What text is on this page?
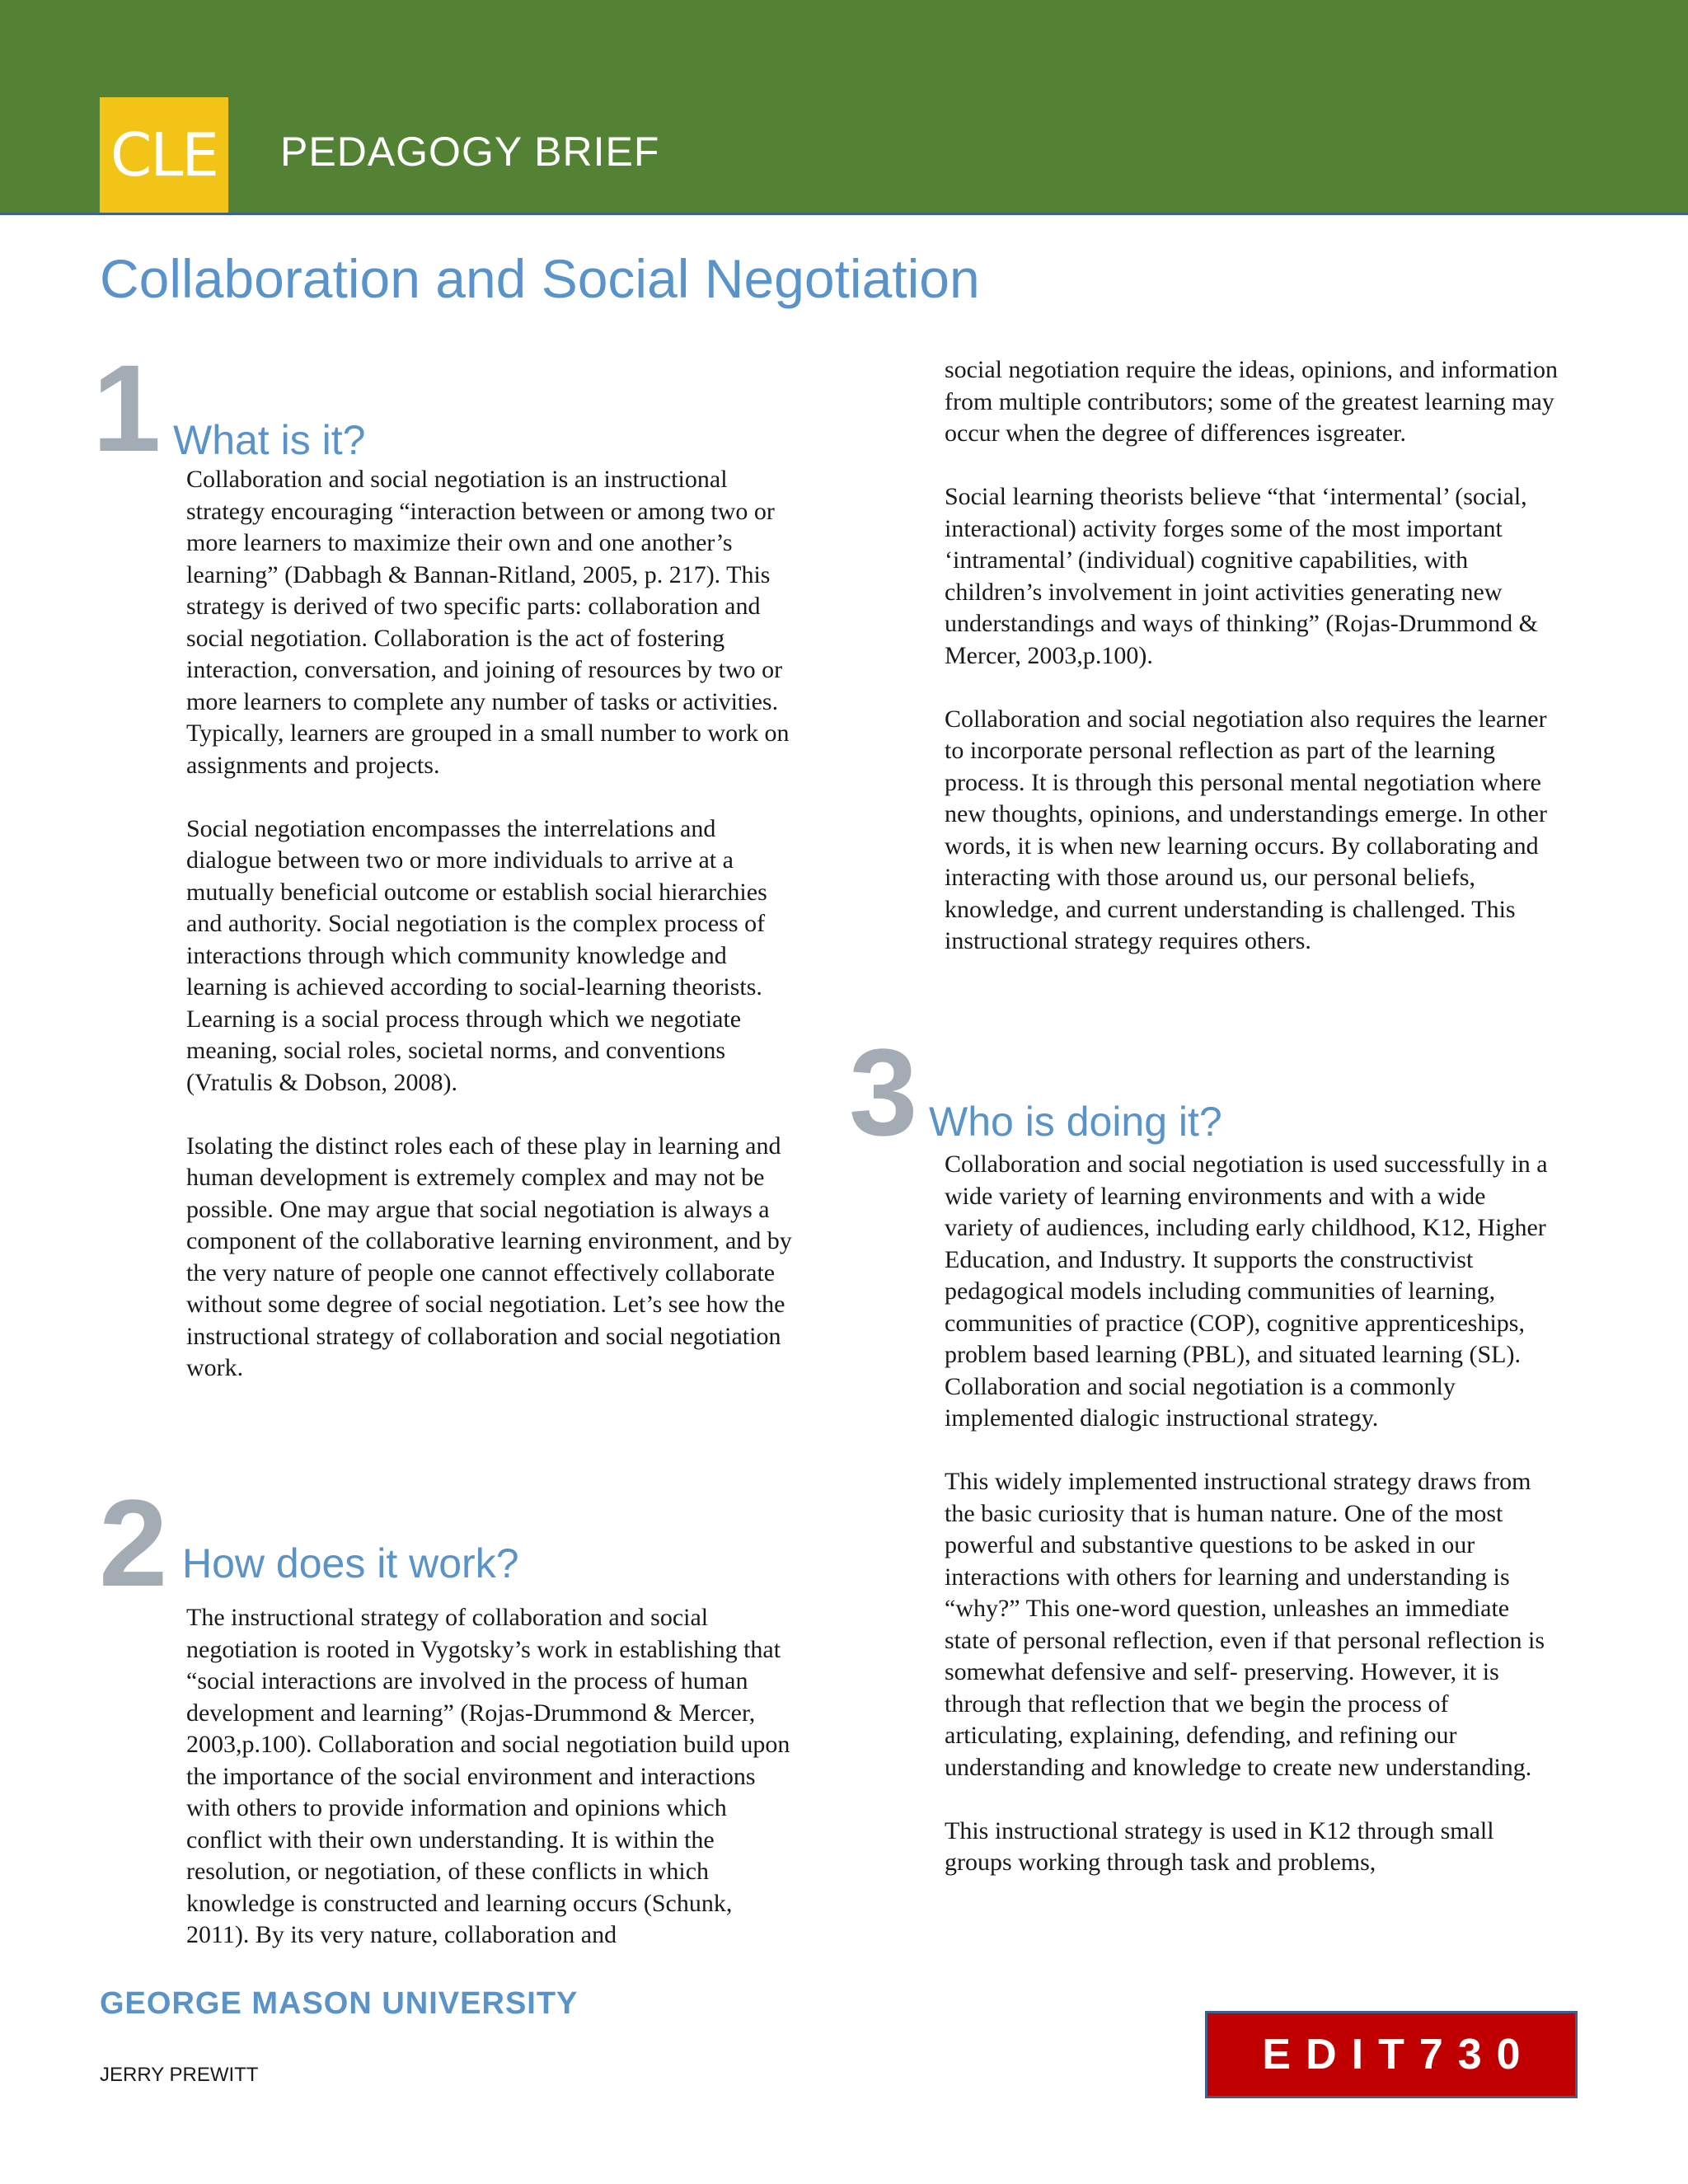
CLE PEDAGOGY BRIEF
Collaboration and Social Negotiation
1 What is it?

Collaboration and social negotiation is an instructional strategy encouraging “interaction between or among two or more learners to maximize their own and one another’s learning” (Dabbagh & Bannan-Ritland, 2005, p. 217). This strategy is derived of two specific parts: collaboration and social negotiation. Collaboration is the act of fostering interaction, conversation, and joining of resources by two or more learners to complete any number of tasks or activities. Typically, learners are grouped in a small number to work on assignments and projects.

Social negotiation encompasses the interrelations and dialogue between two or more individuals to arrive at a mutually beneficial outcome or establish social hierarchies and authority. Social negotiation is the complex process of interactions through which community knowledge and learning is achieved according to social-learning theorists. Learning is a social process through which we negotiate meaning, social roles, societal norms, and conventions (Vratulis & Dobson, 2008).

Isolating the distinct roles each of these play in learning and human development is extremely complex and may not be possible. One may argue that social negotiation is always a component of the collaborative learning environment, and by the very nature of people one cannot effectively collaborate without some degree of social negotiation. Let’s see how the instructional strategy of collaboration and social negotiation work.

2 How does it work?

The instructional strategy of collaboration and social negotiation is rooted in Vygotsky’s work in establishing that “social interactions are involved in the process of human development and learning” (Rojas-Drummond & Mercer, 2003,p.100). Collaboration and social negotiation build upon the importance of the social environment and interactions with others to provide information and opinions which conflict with their own understanding. It is within the resolution, or negotiation, of these conflicts in which knowledge is constructed and learning occurs (Schunk, 2011). By its very nature, collaboration and

social negotiation require the ideas, opinions, and information from multiple contributors; some of the greatest learning may occur when the degree of differences isgreater.

Social learning theorists believe “that ‘intermental’ (social, interactional) activity forges some of the most important ‘intramental’ (individual) cognitive capabilities, with children’s involvement in joint activities generating new understandings and ways of thinking” (Rojas-Drummond & Mercer, 2003,p.100).

Collaboration and social negotiation also requires the learner to incorporate personal reflection as part of the learning process. It is through this personal mental negotiation where new thoughts, opinions, and understandings emerge. In other words, it is when new learning occurs. By collaborating and interacting with those around us, our personal beliefs, knowledge, and current understanding is challenged. This instructional strategy requires others.

3 Who is doing it?

Collaboration and social negotiation is used successfully in a wide variety of learning environments and with a wide variety of audiences, including early childhood, K12, Higher Education, and Industry. It supports the constructivist pedagogical models including communities of learning, communities of practice (COP), cognitive apprenticeships, problem based learning (PBL), and situated learning (SL). Collaboration and social negotiation is a commonly implemented dialogic instructional strategy.

This widely implemented instructional strategy draws from the basic curiosity that is human nature. One of the most powerful and substantive questions to be asked in our interactions with others for learning and understanding is “why?” This one-word question, unleashes an immediate state of personal reflection, even if that personal reflection is somewhat defensive and self- preserving. However, it is through that reflection that we begin the process of articulating, explaining, defending, and refining our understanding and knowledge to create new understanding.

This instructional strategy is used in K12 through small groups working through task and problems,

GEORGE MASON UNIVERSITY
JERRY PREWITT	EDIT730
